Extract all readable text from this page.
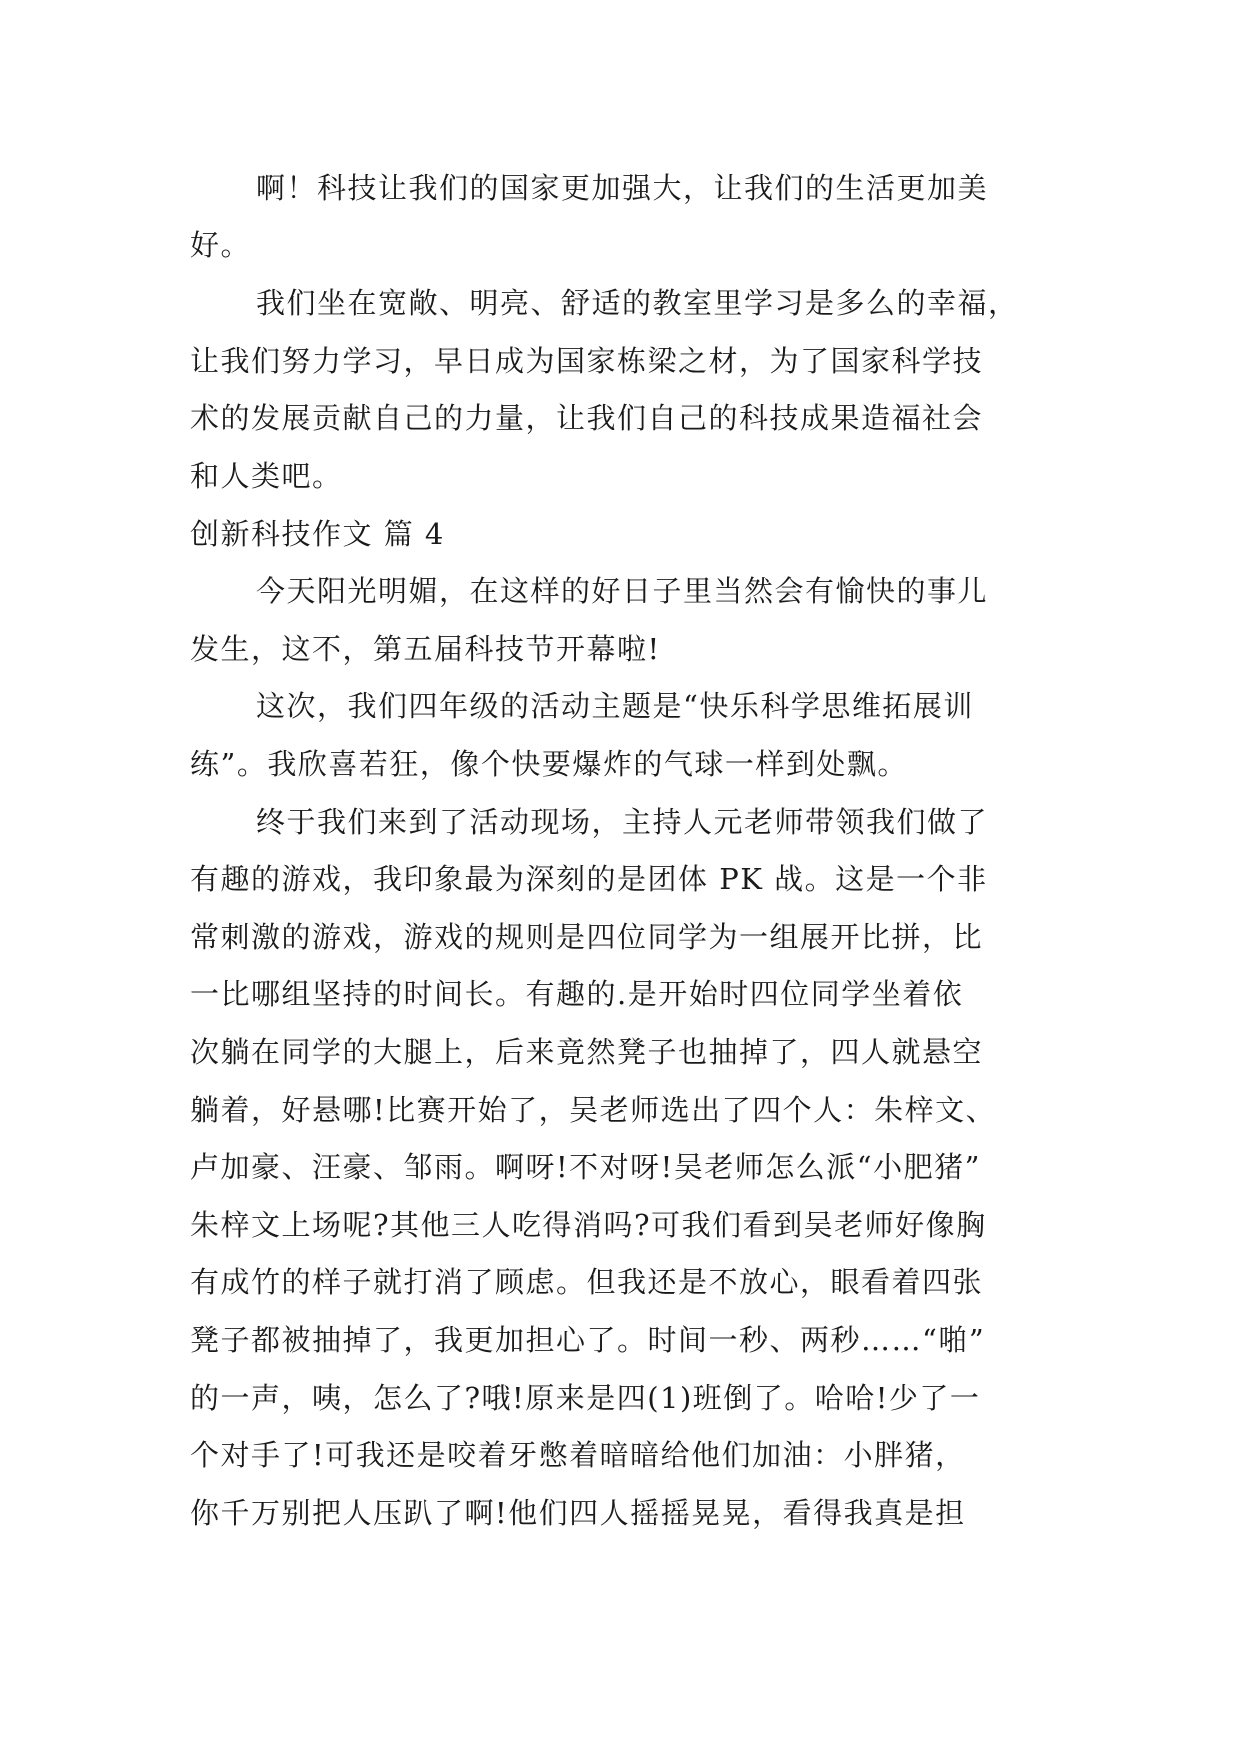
啊！科技让我们的国家更加强大，让我们的生活更加美
好。
我们坐在宽敞、明亮、舒适的教室里学习是多么的幸福，
让我们努力学习，早日成为国家栋梁之材，为了国家科学技
术的发展贡献自己的力量，让我们自己的科技成果造福社会
和人类吧。
创新科技作文 篇 4
今天阳光明媚，在这样的好日子里当然会有愉快的事儿
发生，这不，第五届科技节开幕啦!
这次，我们四年级的活动主题是“快乐科学思维拓展训
练”。我欣喜若狂，像个快要爆炸的气球一样到处飘。
终于我们来到了活动现场，主持人元老师带领我们做了
有趣的游戏，我印象最为深刻的是团体 PK 战。这是一个非
常刺激的游戏，游戏的规则是四位同学为一组展开比拼，比
一比哪组坚持的时间长。有趣的.是开始时四位同学坐着依
次躺在同学的大腿上，后来竟然凳子也抽掉了，四人就悬空
躺着，好悬哪!比赛开始了，吴老师选出了四个人：朱梓文、
卢加豪、汪豪、邹雨。啊呀!不对呀!吴老师怎么派“小肥猪”
朱梓文上场呢?其他三人吃得消吗?可我们看到吴老师好像胸
有成竹的样子就打消了顾虑。但我还是不放心，眼看着四张
凳子都被抽掉了，我更加担心了。时间一秒、两秒……“啪”
的一声，咦，怎么了?哦!原来是四(1)班倒了。哈哈!少了一
个对手了!可我还是咬着牙憋着暗暗给他们加油：小胖猪，
你千万别把人压趴了啊!他们四人摇摇晃晃，看得我真是担
